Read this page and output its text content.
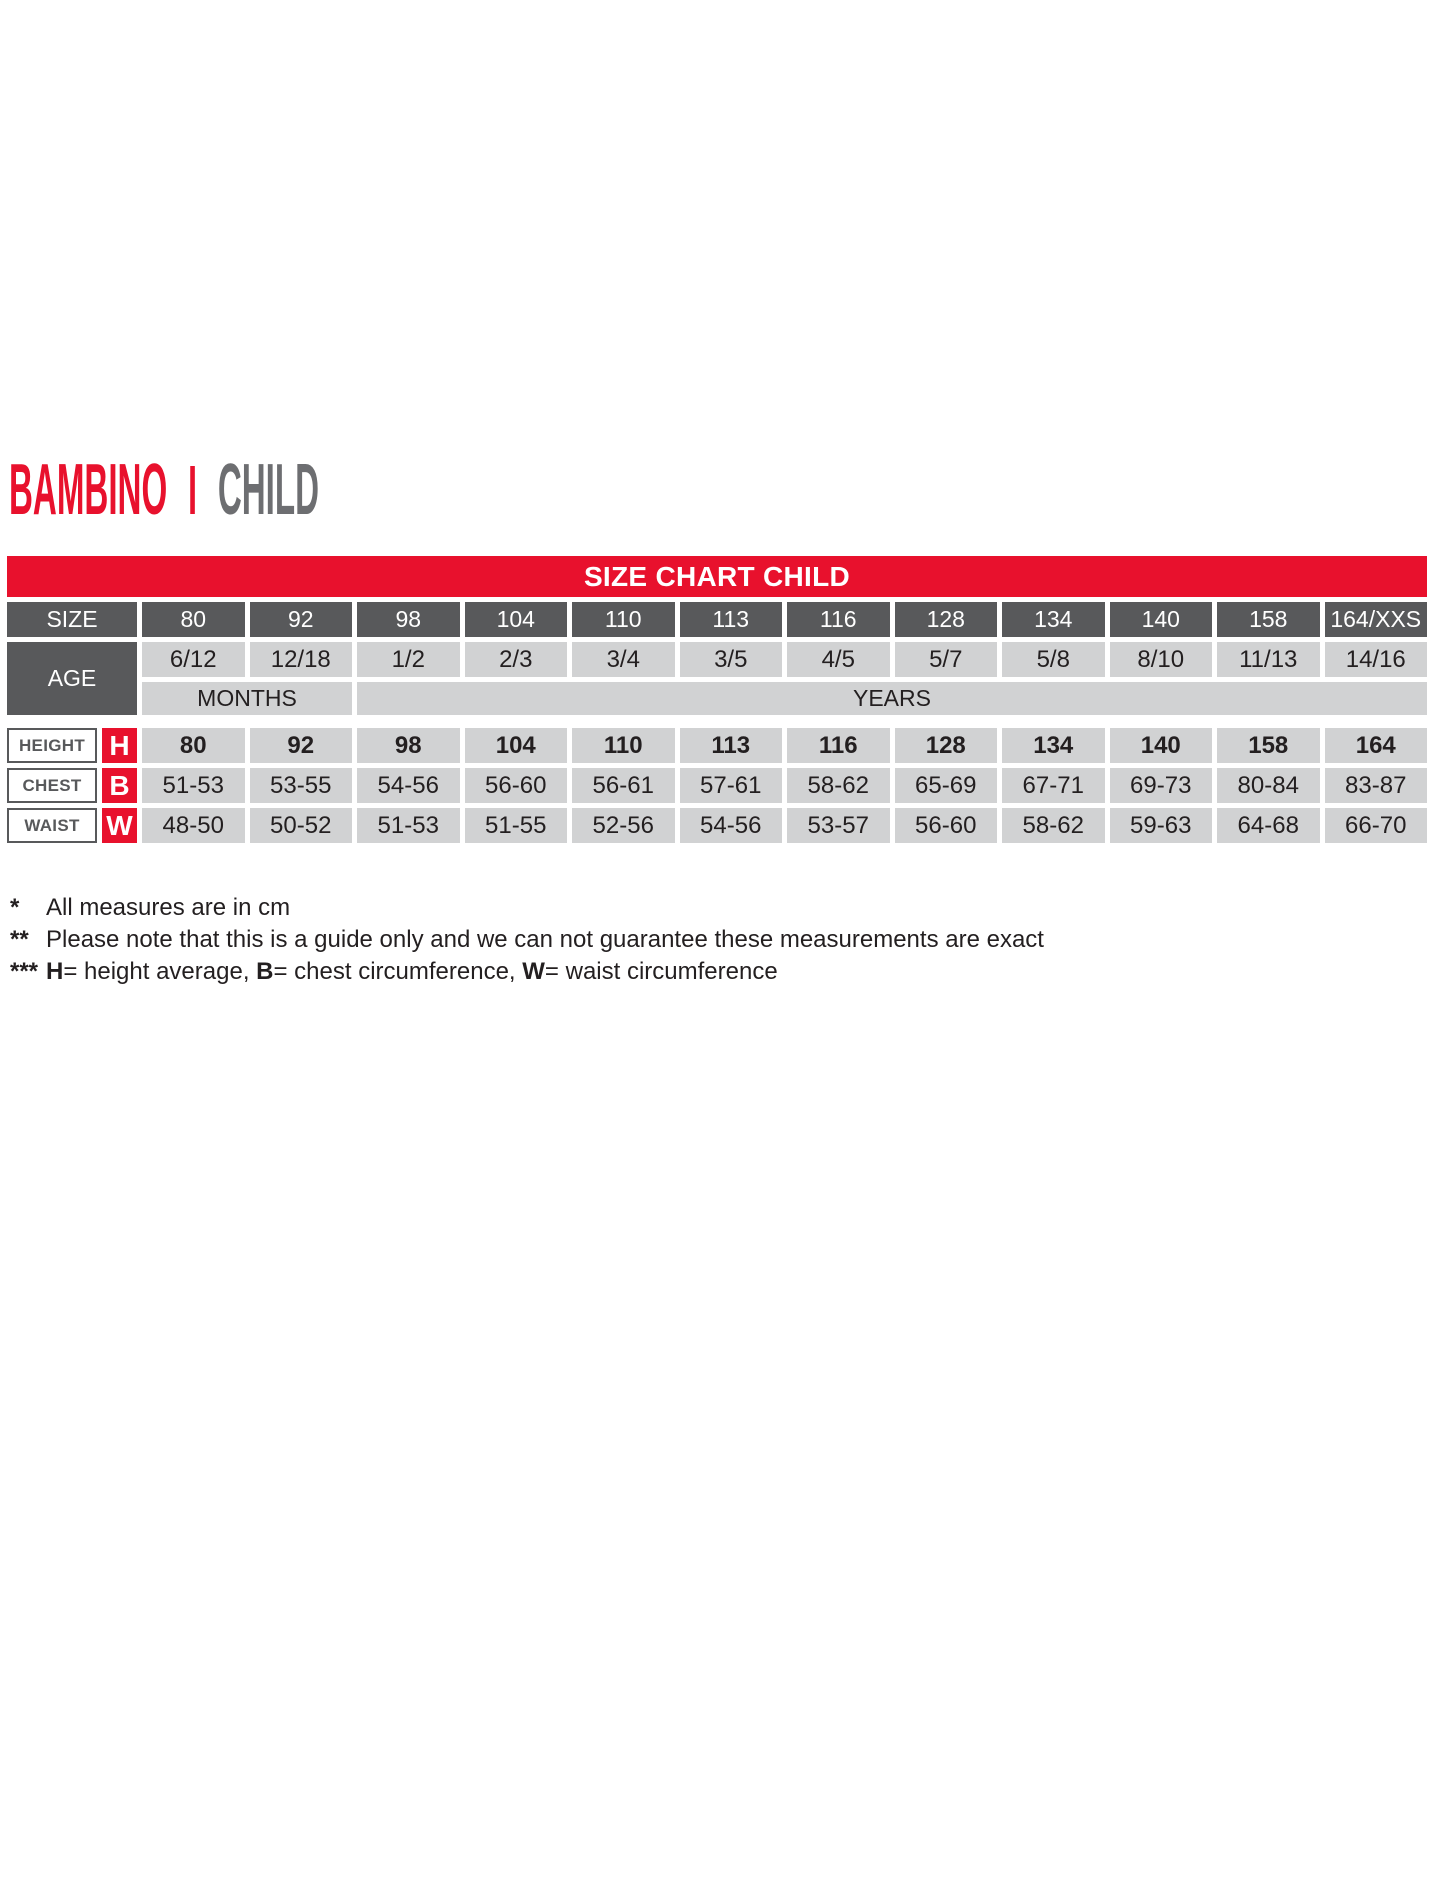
BAMBINO CHILD
SIZE CHART CHILD
SIZE	80	92	98	104	110	113	116	128	134	140	158	164/XXS
AGE
6/12	12/18	1/2	2/3	3/4	3/5	4/5	5/7	5/8	8/10	11/13	14/16
MONTHS	YEARS
HEIGHT H	80	92	98	104	110	113	116	128	134	140	158	164
CHEST B	51-53	53-55	54-56	56-60	56-61	57-61	58-62	65-69	67-71	69-73	80-84	83-87
WAIST W	48-50	50-52	51-53	51-55	52-56	54-56	53-57	56-60	58-62	59-63	64-68	66-70
*	All measures are in cm
** Please note that this is a guide only and we can not guarantee these measurements are exact
*** H= height average, B= chest circumference, W= waist circumference
